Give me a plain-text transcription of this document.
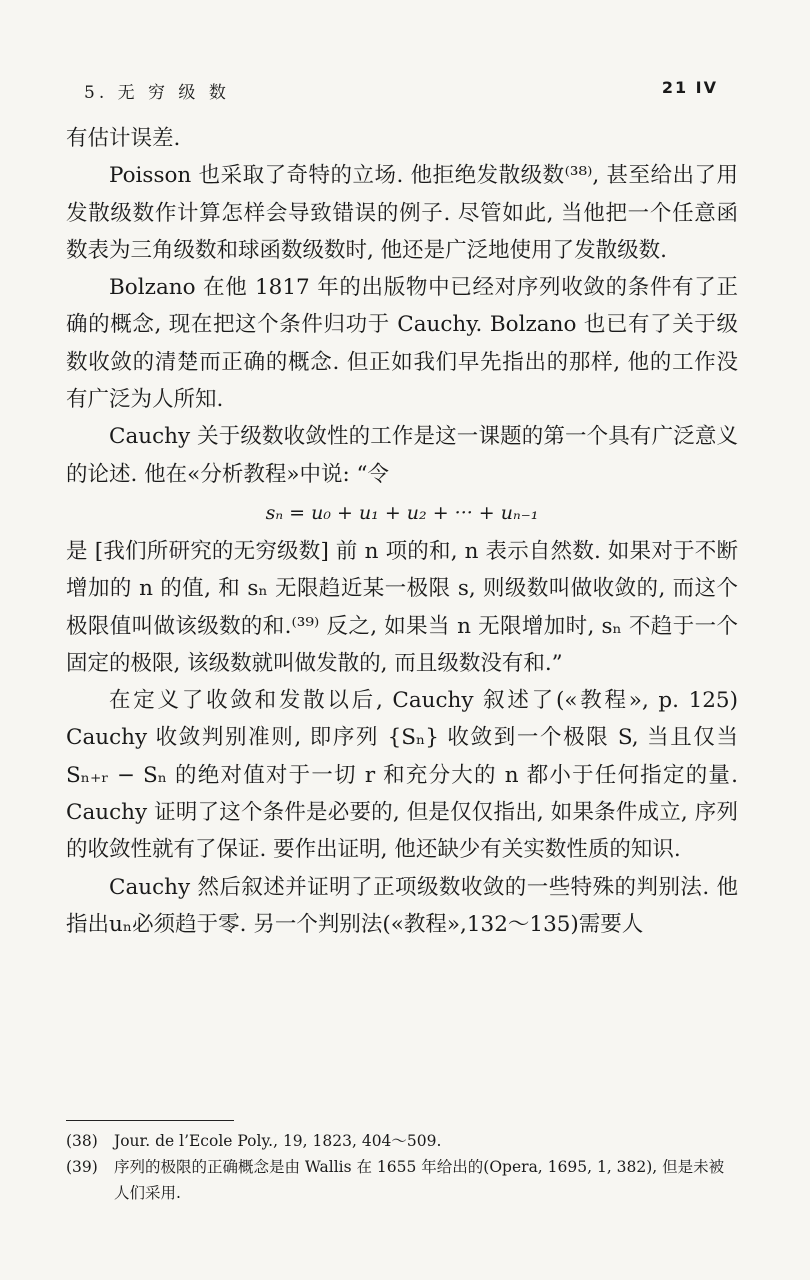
5. 无 穷 级 数	21 IV

有估计误差.

Poisson 也采取了奇特的立场. 他拒绝发散级数⁽³⁸⁾, 甚至给出了用发散级数作计算怎样会导致错误的例子. 尽管如此, 当他把一个任意函数表为三角级数和球函数级数时, 他还是广泛地使用了发散级数.

Bolzano 在他 1817 年的出版物中已经对序列收敛的条件有了正确的概念, 现在把这个条件归功于 Cauchy. Bolzano 也已有了关于级数收敛的清楚而正确的概念. 但正如我们早先指出的那样, 他的工作没有广泛为人所知.

Cauchy 关于级数收敛性的工作是这一课题的第一个具有广泛意义的论述. 他在«分析教程»中说: “令

sₙ = u₀ + u₁ + u₂ + ··· + uₙ₋₁

是 [我们所研究的无穷级数] 前 n 项的和, n 表示自然数. 如果对于不断增加的 n 的值, 和 sₙ 无限趋近某一极限 s, 则级数叫做收敛的, 而这个极限值叫做该级数的和.⁽³⁹⁾ 反之, 如果当 n 无限增加时, sₙ 不趋于一个固定的极限, 该级数就叫做发散的, 而且级数没有和.”

在定义了收敛和发散以后, Cauchy 叙述了(«教程», p. 125) Cauchy 收敛判别准则, 即序列 {Sₙ} 收敛到一个极限 S, 当且仅当 Sₙ₊ᵣ − Sₙ 的绝对值对于一切 r 和充分大的 n 都小于任何指定的量. Cauchy 证明了这个条件是必要的, 但是仅仅指出, 如果条件成立, 序列的收敛性就有了保证. 要作出证明, 他还缺少有关实数性质的知识.

Cauchy 然后叙述并证明了正项级数收敛的一些特殊的判别法. 他指出uₙ必须趋于零. 另一个判别法(«教程»,132～135)需要人

(38) Jour. de l’Ecole Poly., 19, 1823, 404～509.

(39) 序列的极限的正确概念是由 Wallis 在 1655 年给出的(Opera, 1695, 1, 382), 但是未被人们采用.
